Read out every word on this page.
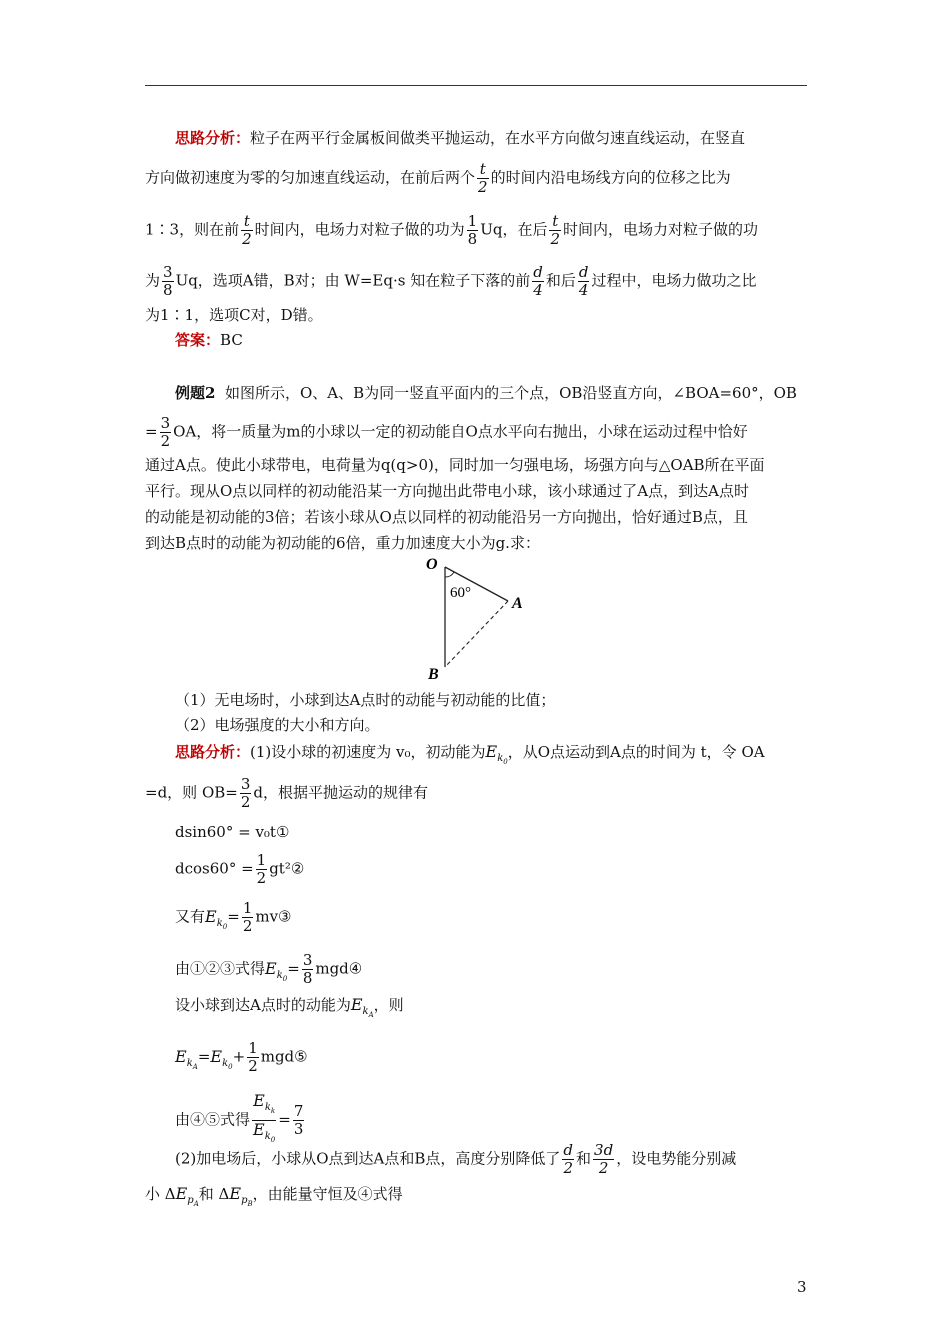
思路分析：粒子在两平行金属板间做类平抛运动，在水平方向做匀速直线运动，在竖直
方向做初速度为零的匀加速直线运动，在前后两个 $\frac{t}{2}$ 的时间内沿电场线方向的位移之比为
1∶3，则在前 $\frac{t}{2}$ 时间内，电场力对粒子做的功为 $\frac{1}{8}$ Uq，在后 $\frac{t}{2}$ 时间内，电场力对粒子做的功
为 $\frac{3}{8}$ Uq，选项A错，B对；由 W=Eq·s 知在粒子下落的前 $\frac{d}{4}$ 和后 $\frac{d}{4}$ 过程中，电场力做功之比
为1∶1，选项C对，D错。
答案：BC
例题2 如图所示，O、A、B为同一竖直平面内的三个点，OB沿竖直方向，∠BOA=60°，OB
= $\frac{3}{2}$ OA，将一质量为m的小球以一定的初动能自O点水平向右抛出，小球在运动过程中恰好
通过A点。使此小球带电，电荷量为q(q>0)，同时加一匀强电场，场强方向与△OAB所在平面
平行。现从O点以同样的初动能沿某一方向抛出此带电小球，该小球通过了A点，到达A点时
的动能是初动能的3倍；若该小球从O点以同样的初动能沿另一方向抛出，恰好通过B点，且
到达B点时的动能为初动能的6倍，重力加速度大小为g.求：
O
A
B
60°
（1）无电场时，小球到达A点时的动能与初动能的比值；
（2）电场强度的大小和方向。
思路分析：(1)设小球的初速度为 v₀，初动能为$E_{k_0}$，从O点运动到A点的时间为 t，令 OA
=d，则 $OB= \frac{3}{2}$ d，根据平抛运动的规律有
dsin60° = v₀t①
$dcos60^\circ = \frac{1}{2}$ gt²②
又有$E_{k_0}= \frac{1}{2}$ mv③
由①②③式得$E_{k_0}= \frac{3}{8}$ mgd④
设小球到达A点时的动能为$E_{k_A}$，则
$E_{k_A}=E_{k_0}+ \frac{1}{2}$ mgd⑤
由④⑤式得 $\frac{E_{k_k}}{E_{k_0}} = \frac{7}{3}$
(2)加电场后，小球从O点到达A点和B点，高度分别降低了 $\frac{d}{2}$ 和 $\frac{3d}{2}$ ，设电势能分别减
小 $\Delta E_{p_A}$和 $\Delta E_{p_B}$，由能量守恒及④式得
3
